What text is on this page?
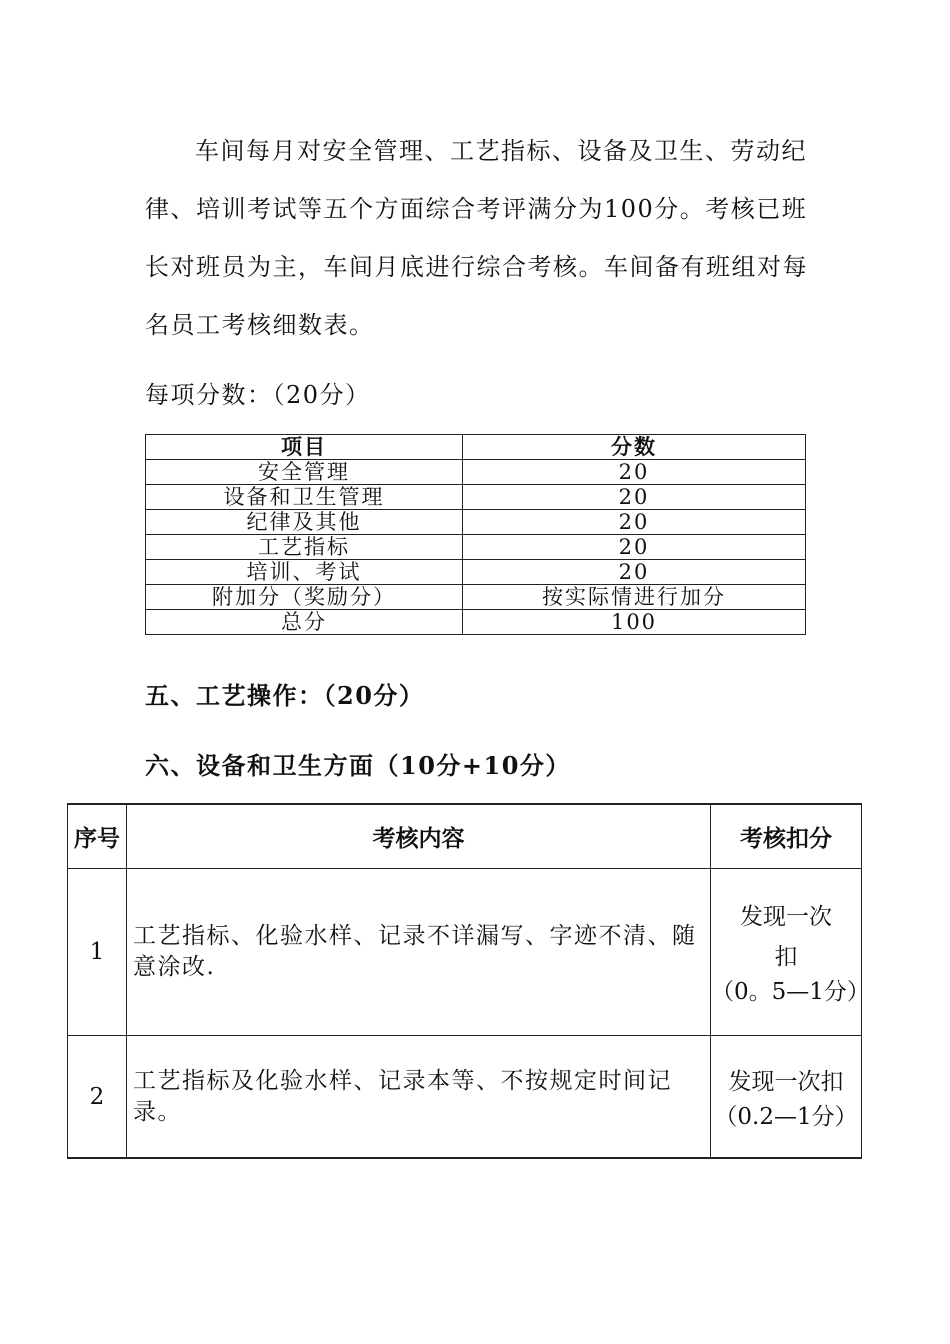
车间每月对安全管理、工艺指标、设备及卫生、劳动纪律、培训考试等五个方面综合考评满分为100分。考核已班长对班员为主，车间月底进行综合考核。车间备有班组对每名员工考核细数表。
每项分数：（20分）
项目	分数
安全管理	20
设备和卫生管理	20
纪律及其他	20
工艺指标	20
培训、考试	20
附加分（奖励分）	按实际情进行加分
总分	100
五、工艺操作：（20分）
六、设备和卫生方面（10分+10分）
序号	考核内容	考核扣分
1	工艺指标、化验水样、记录不详漏写、字迹不清、随意涂改.	发现一次
扣
（0。5—1分）

2	工艺指标及化验水样、记录本等、不按规定时间记录。	发现一次扣
（0.2—1分）
